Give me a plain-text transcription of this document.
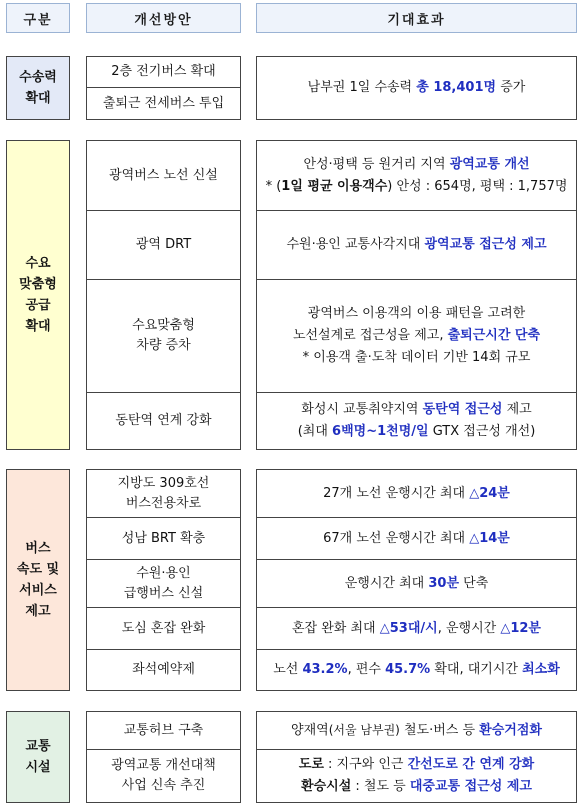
구분	개선방안	기대효과
수송력
확대
2층 전기버스 확대
출퇴근 전세버스 투입
남부권 1일 수송력 총 18,401명 증가
수요
맞춤형
공급
확대
광역버스 노선 신설
광역 DRT
수요맞춤형
차량 증차
동탄역 연계 강화
안성·평택 등 원거리 지역 광역교통 개선
* (1일 평균 이용객수) 안성 : 654명, 평택 : 1,757명
수원·용인 교통사각지대 광역교통 접근성 제고
광역버스 이용객의 이용 패턴을 고려한
노선설계로 접근성을 제고, 출퇴근시간 단축
* 이용객 출·도착 데이터 기반 14회 규모
화성시 교통취약지역 동탄역 접근성 제고
(최대 6백명~1천명/일 GTX 접근성 개선)
버스
속도 및
서비스
제고
지방도 309호선
버스전용차로
성남 BRT 확충
수원·용인
급행버스 신설
도심 혼잡 완화
좌석예약제
27개 노선 운행시간 최대 △24분
67개 노선 운행시간 최대 △14분
운행시간 최대 30분 단축
혼잡 완화 최대 △53대/시, 운행시간 △12분
노선 43.2%, 편수 45.7% 확대, 대기시간 최소화
교통
시설
교통허브 구축
광역교통 개선대책
사업 신속 추진
양재역(서울 남부권) 철도·버스 등 환승거점화
도로 : 지구와 인근 간선도로 간 연계 강화
환승시설 : 철도 등 대중교통 접근성 제고
